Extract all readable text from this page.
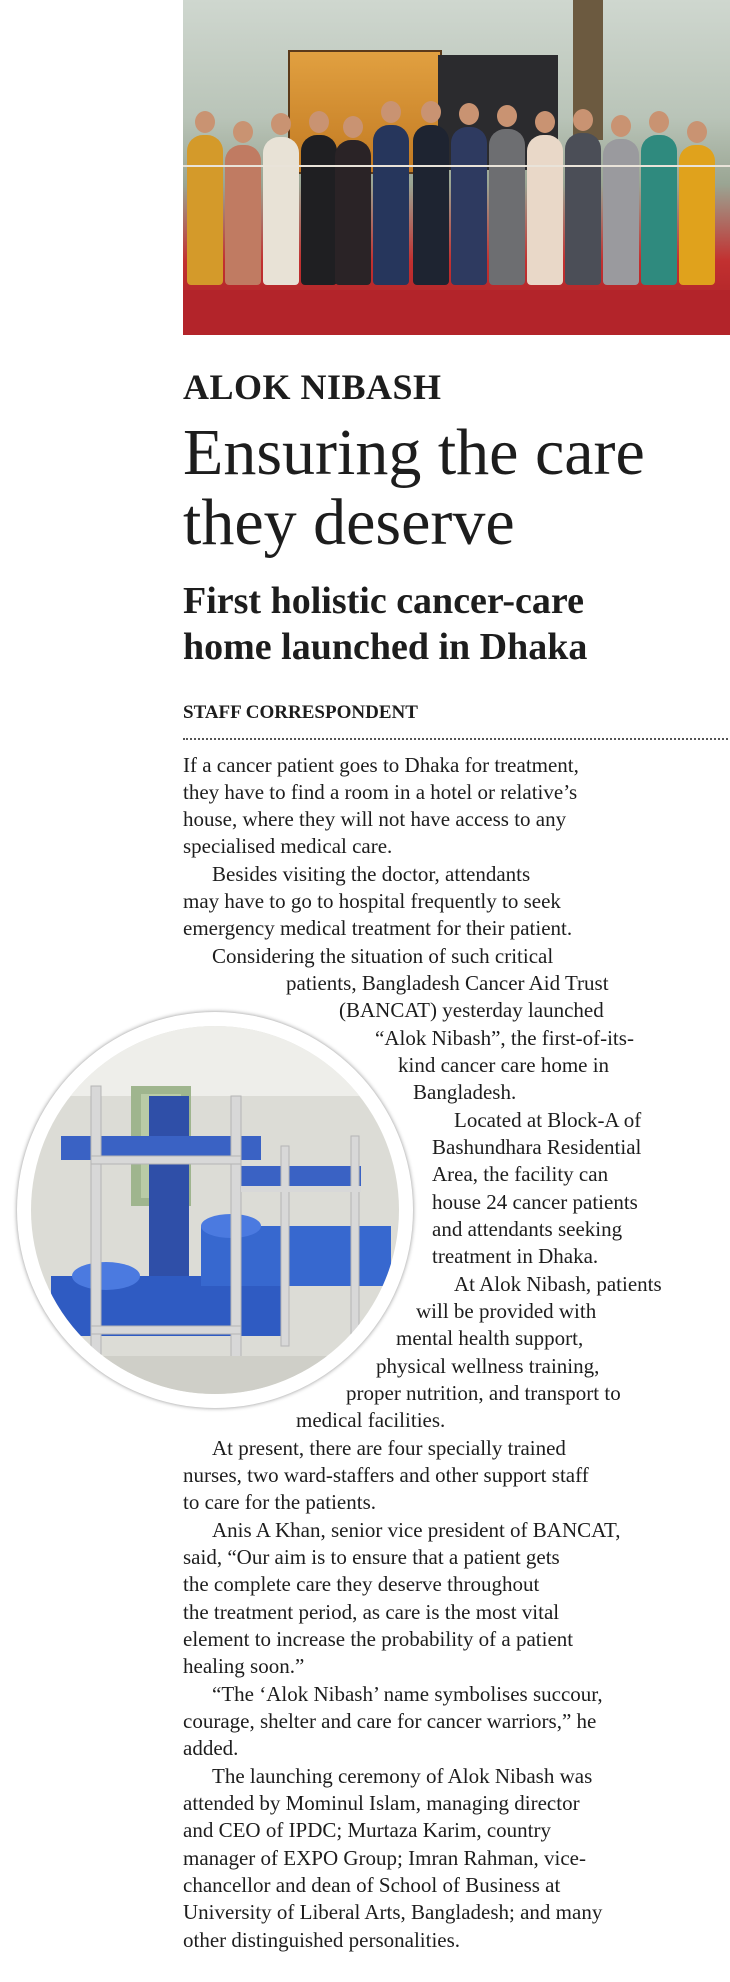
ALOK NIBASH
Ensuring the care
they deserve
First holistic cancer-care
home launched in Dhaka
STAFF CORRESPONDENT
If a cancer patient goes to Dhaka for treatment,
they have to find a room in a hotel or relative’s
house, where they will not have access to any
specialised medical care.
Besides visiting the doctor, attendants
may have to go to hospital frequently to seek
emergency medical treatment for their patient.
Considering the situation of such critical
patients, Bangladesh Cancer Aid Trust
(BANCAT) yesterday launched
“Alok Nibash”, the first-of-its-
kind cancer care home in
Bangladesh.
Located at Block-A of
Bashundhara Residential
Area, the facility can
house 24 cancer patients
and attendants seeking
treatment in Dhaka.
At Alok Nibash, patients
will be provided with
mental health support,
physical wellness training,
proper nutrition, and transport to
medical facilities.
At present, there are four specially trained
nurses, two ward-staffers and other support staff
to care for the patients.
Anis A Khan, senior vice president of BANCAT,
said, “Our aim is to ensure that a patient gets
the complete care they deserve throughout
the treatment period, as care is the most vital
element to increase the probability of a patient
healing soon.”
“The ‘Alok Nibash’ name symbolises succour,
courage, shelter and care for cancer warriors,” he
added.
The launching ceremony of Alok Nibash was
attended by Mominul Islam, managing director
and CEO of IPDC; Murtaza Karim, country
manager of EXPO Group; Imran Rahman, vice-
chancellor and dean of School of Business at
University of Liberal Arts, Bangladesh; and many
other distinguished personalities.
